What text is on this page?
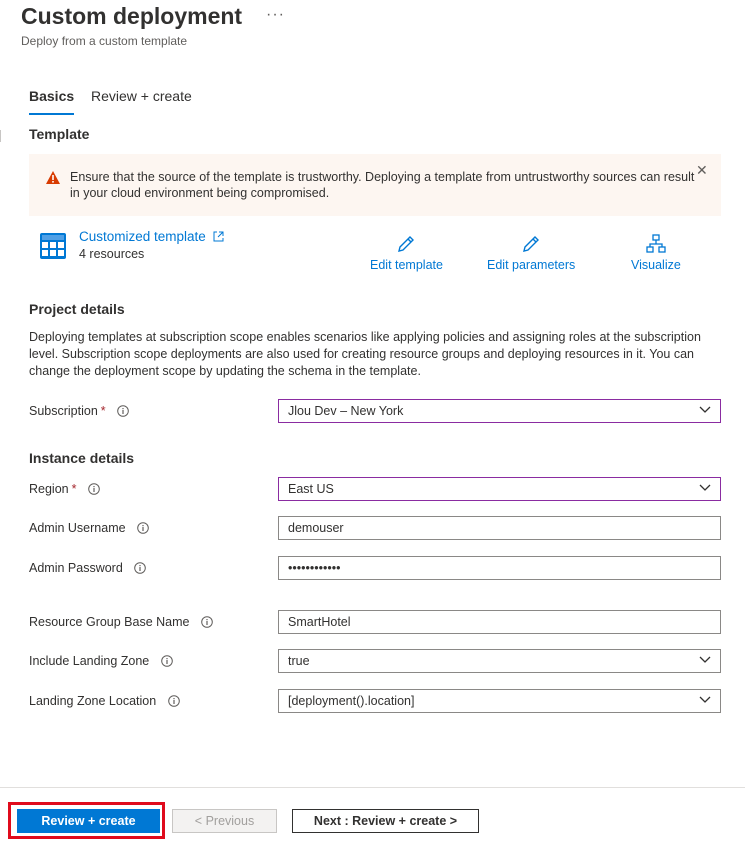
Custom deployment ···
Deploy from a custom template
Basics Review + create
Template
Ensure that the source of the template is trustworthy. Deploying a template from untrustworthy sources can result in your cloud environment being compromised.
✕
Customized template
4 resources
Edit template	Edit parameters	Visualize
Project details
Deploying templates at subscription scope enables scenarios like applying policies and assigning roles at the subscription level. Subscription scope deployments are also used for creating resource groups and deploying resources in it. You can change the deployment scope by updating the schema in the template.
Subscription *	Jlou Dev – New York
Instance details
Region *	East US
Admin Username	demouser
Admin Password	••••••••••••
Resource Group Base Name	SmartHotel
Include Landing Zone	true
Landing Zone Location	[deployment().location]
Review + create	< Previous	Next : Review + create >
